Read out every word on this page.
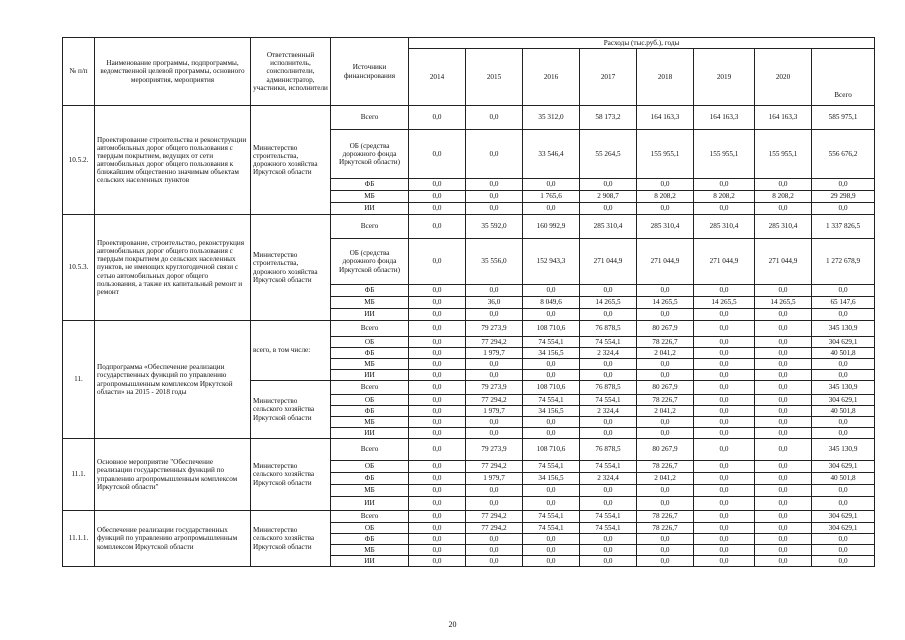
№ п/п	Наименование программы, подпрограммы, ведомственной целевой программы, основного мероприятия, мероприятия	Ответственный исполнитель, соисполнители, администратор, участники, исполнители	Источники финансирования	Расходы (тыс.руб.), годы							
				2014	2015	2016	2017	2018	2019	2020	Всего
10.5.2.	Проектирование строительства и реконструкции автомобильных дорог общего пользования с твердым покрытием, ведущих от сети автомобильных дорог общего пользования к ближайшим общественно значимым объектам сельских населенных пунктов	Министерство строительства, дорожного хозяйства Иркутской области	Всего	0,0	0,0	35 312,0	58 173,2	164 163,3	164 163,3	164 163,3	585 975,1
			ОБ (средства дорожного фонда Иркутской области)	0,0	0,0	33 546,4	55 264,5	155 955,1	155 955,1	155 955,1	556 676,2
			ФБ	0,0	0,0	0,0	0,0	0,0	0,0	0,0	0,0
			МБ	0,0	0,0	1 765,6	2 908,7	8 208,2	8 208,2	8 208,2	29 298,9
			ИИ	0,0	0,0	0,0	0,0	0,0	0,0	0,0	0,0
10.5.3.	Проектирование, строительство, реконструкция автомобильных дорог общего пользования с твердым покрытием до сельских населенных пунктов, не имеющих круглогодичной связи с сетью автомобильных дорог общего пользования, а также их капитальный ремонт и ремонт	Министерство строительства, дорожного хозяйства Иркутской области	Всего	0,0	35 592,0	160 992,9	285 310,4	285 310,4	285 310,4	285 310,4	1 337 826,5
			ОБ (средства дорожного фонда Иркутской области)	0,0	35 556,0	152 943,3	271 044,9	271 044,9	271 044,9	271 044,9	1 272 678,9
			ФБ	0,0	0,0	0,0	0,0	0,0	0,0	0,0	0,0
			МБ	0,0	36,0	8 049,6	14 265,5	14 265,5	14 265,5	14 265,5	65 147,6
			ИИ	0,0	0,0	0,0	0,0	0,0	0,0	0,0	0,0
11.	Подпрограмма «Обеспечение реализации государственных функций по управлению агропромышленным комплексом Иркутской области» на 2015 - 2018 годы	всего, в том числе:	Всего	0,0	79 273,9	108 710,6	76 878,5	80 267,9	0,0	0,0	345 130,9
			ОБ	0,0	77 294,2	74 554,1	74 554,1	78 226,7	0,0	0,0	304 629,1
			ФБ	0,0	1 979,7	34 156,5	2 324,4	2 041,2	0,0	0,0	40 501,8
			МБ	0,0	0,0	0,0	0,0	0,0	0,0	0,0	0,0
			ИИ	0,0	0,0	0,0	0,0	0,0	0,0	0,0	0,0
		Министерство сельского хозяйства Иркутской области	Всего	0,0	79 273,9	108 710,6	76 878,5	80 267,9	0,0	0,0	345 130,9
			ОБ	0,0	77 294,2	74 554,1	74 554,1	78 226,7	0,0	0,0	304 629,1
			ФБ	0,0	1 979,7	34 156,5	2 324,4	2 041,2	0,0	0,0	40 501,8
			МБ	0,0	0,0	0,0	0,0	0,0	0,0	0,0	0,0
			ИИ	0,0	0,0	0,0	0,0	0,0	0,0	0,0	0,0
11.1.	Основное мероприятие "Обеспечение реализации государственных функций по управлению агропромышленным комплексом Иркутской области"	Министерство сельского хозяйства Иркутской области	Всего	0,0	79 273,9	108 710,6	76 878,5	80 267,9	0,0	0,0	345 130,9
			ОБ	0,0	77 294,2	74 554,1	74 554,1	78 226,7	0,0	0,0	304 629,1
			ФБ	0,0	1 979,7	34 156,5	2 324,4	2 041,2	0,0	0,0	40 501,8
			МБ	0,0	0,0	0,0	0,0	0,0	0,0	0,0	0,0
			ИИ	0,0	0,0	0,0	0,0	0,0	0,0	0,0	0,0
11.1.1.	Обеспечение реализации государственных функций по управлению агропромышленным комплексом Иркутской области	Министерство сельского хозяйства Иркутской области	Всего	0,0	77 294,2	74 554,1	74 554,1	78 226,7	0,0	0,0	304 629,1
			ОБ	0,0	77 294,2	74 554,1	74 554,1	78 226,7	0,0	0,0	304 629,1
			ФБ	0,0	0,0	0,0	0,0	0,0	0,0	0,0	0,0
			МБ	0,0	0,0	0,0	0,0	0,0	0,0	0,0	0,0
			ИИ	0,0	0,0	0,0	0,0	0,0	0,0	0,0	0,0
20
